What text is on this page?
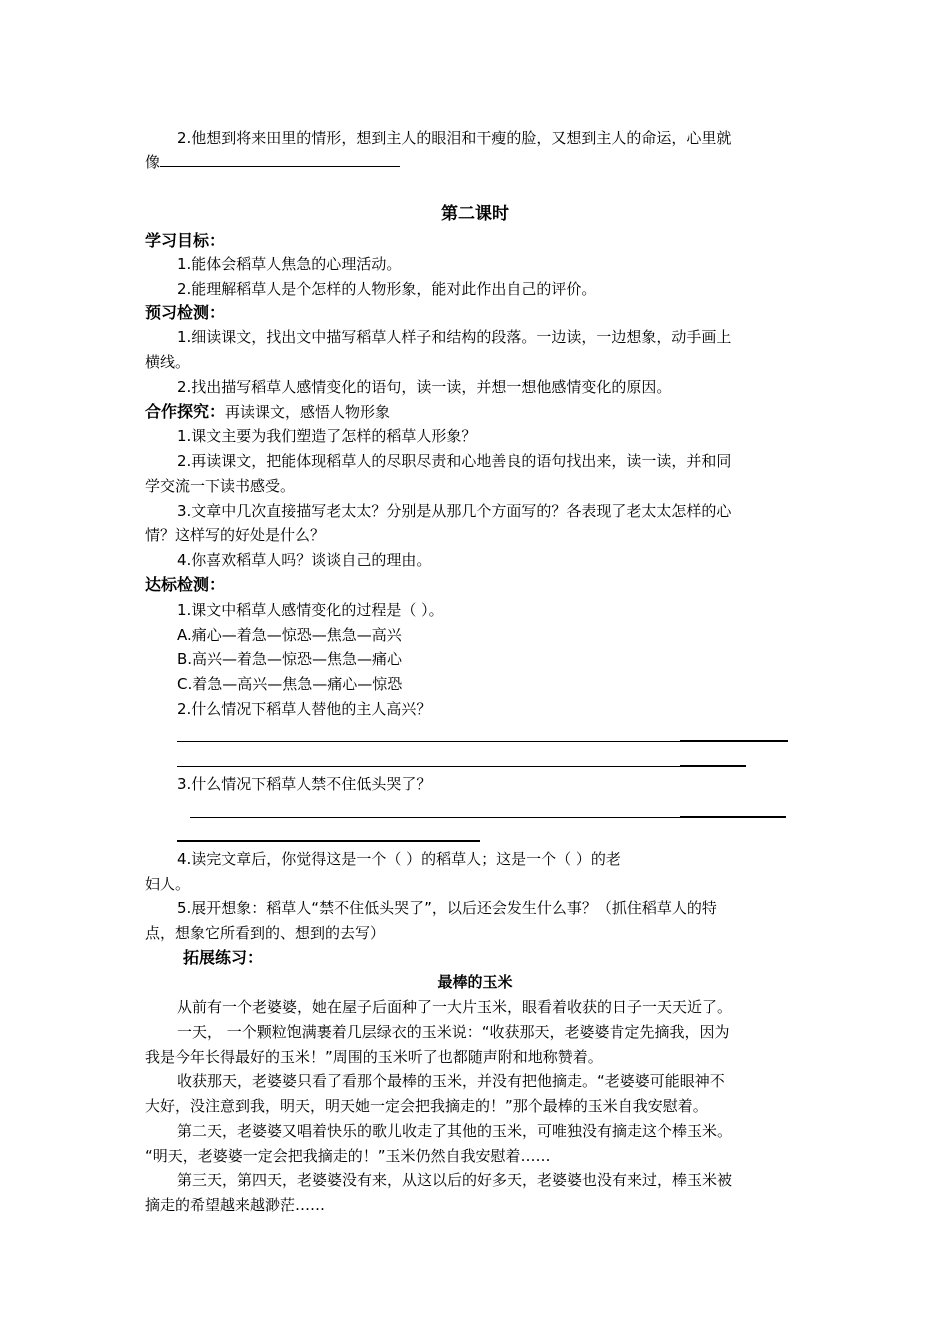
2.他想到将来田里的情形，想到主人的眼泪和干瘦的脸，又想到主人的命运，心里就
像
第二课时
学习目标：
1.能体会稻草人焦急的心理活动。
2.能理解稻草人是个怎样的人物形象，能对此作出自己的评价。
预习检测：
1.细读课文，找出文中描写稻草人样子和结构的段落。一边读，一边想象，动手画上
横线。
2.找出描写稻草人感情变化的语句，读一读，并想一想他感情变化的原因。
合作探究：再读课文，感悟人物形象
1.课文主要为我们塑造了怎样的稻草人形象？
2.再读课文，把能体现稻草人的尽职尽责和心地善良的语句找出来，读一读，并和同
学交流一下读书感受。
3.文章中几次直接描写老太太？分别是从那几个方面写的？各表现了老太太怎样的心
情？这样写的好处是什么？
4.你喜欢稻草人吗？谈谈自己的理由。
达标检测：
1.课文中稻草人感情变化的过程是（ ）。
A.痛心—着急—惊恐—焦急—高兴
B.高兴—着急—惊恐—焦急—痛心
C.着急—高兴—焦急—痛心—惊恐
2.什么情况下稻草人替他的主人高兴？
3.什么情况下稻草人禁不住低头哭了？
4.读完文章后，你觉得这是一个（ ）的稻草人；这是一个（ ）的老
妇人。
5.展开想象：稻草人“禁不住低头哭了”，以后还会发生什么事？（抓住稻草人的特
点，想象它所看到的、想到的去写）
拓展练习：
最棒的玉米
从前有一个老婆婆，她在屋子后面种了一大片玉米，眼看着收获的日子一天天近了。
一天， 一个颗粒饱满裹着几层绿衣的玉米说：“收获那天，老婆婆肯定先摘我，因为
我是今年长得最好的玉米！”周围的玉米听了也都随声附和地称赞着。
收获那天，老婆婆只看了看那个最棒的玉米，并没有把他摘走。“老婆婆可能眼神不
大好，没注意到我，明天，明天她一定会把我摘走的！”那个最棒的玉米自我安慰着。
第二天，老婆婆又唱着快乐的歌儿收走了其他的玉米，可唯独没有摘走这个棒玉米。
“明天，老婆婆一定会把我摘走的！”玉米仍然自我安慰着……
第三天，第四天，老婆婆没有来，从这以后的好多天，老婆婆也没有来过，棒玉米被
摘走的希望越来越渺茫……
